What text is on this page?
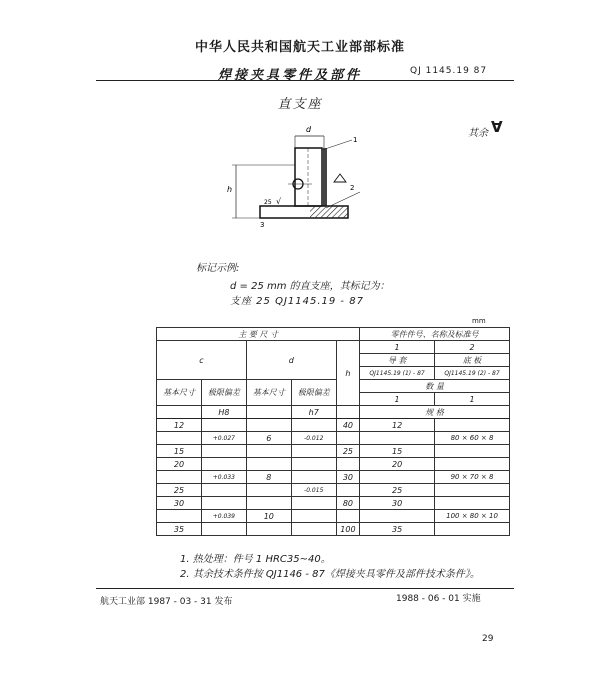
中华人民共和国航天工业部部标准
焊接夹具零件及部件	QJ 1145.19 87
直支座
其余 ∀
d
h
25 √
1
2
3
标记示例:
d = 25 mm 的直支座，其标记为：
支座 25 QJ1145.19 - 87
mm
主 要 尺 寸					零件件号、名称及标准号	
c		d		h	1	2
					导 套	底 板
					QJ1145.19 (1) - 87	QJ1145.19 (2) - 87
基本尺寸	极限偏差	基本尺寸	极限偏差		数 量	
					1	1
	H8		h7		规 格	
12				40	12	
	+0.027	6	-0.012			80 × 60 × 8
15				25	15	
20					20	
	+0.033	8		30		90 × 70 × 8
25			-0.015		25	
30				80	30	
	+0.039	10				100 × 80 × 10
35				100	35	
1. 热处理：件号 1 HRC35~40。
2. 其余技术条件按 QJ1146 - 87《焊接夹具零件及部件技术条件》。
航天工业部 1987 - 03 - 31 发布	1988 - 06 - 01 实施
29
